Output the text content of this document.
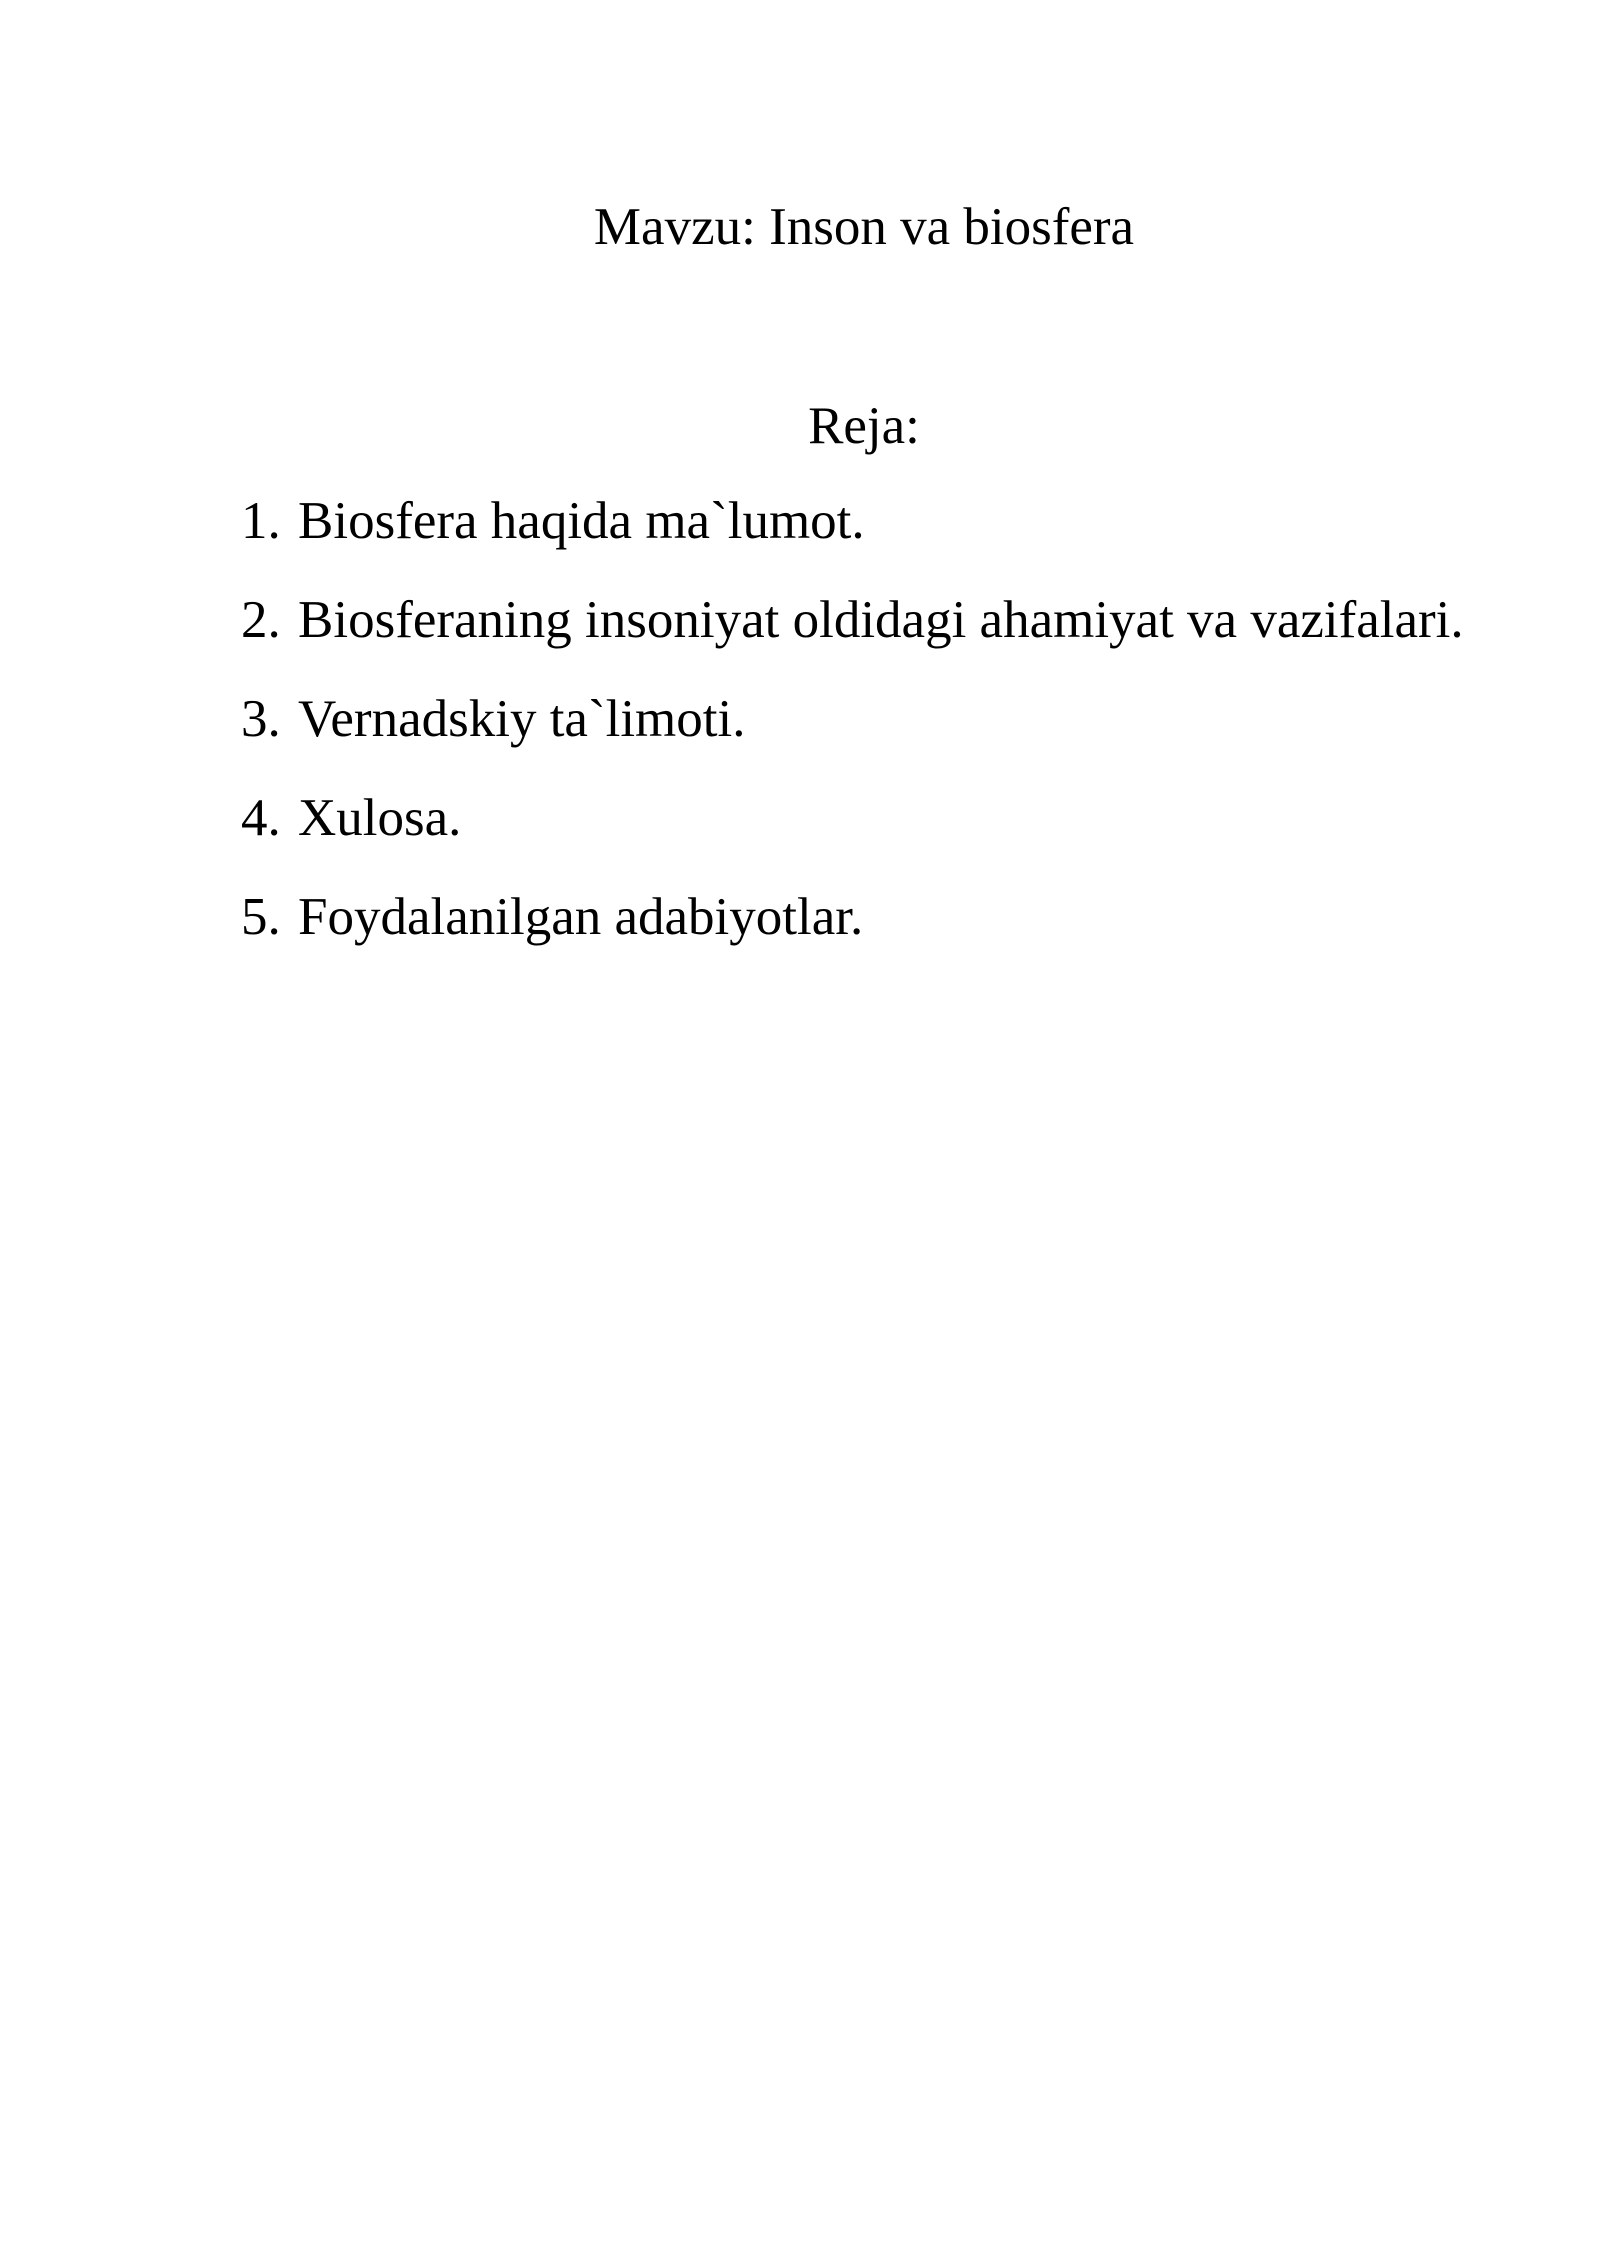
Mavzu: Inson va biosfera
Reja:
1. Biosfera haqida ma`lumot.
2. Biosferaning insoniyat oldidagi ahamiyat va vazifalari.
3. Vernadskiy ta`limoti.
4. Xulosa.
5. Foydalanilgan adabiyotlar.
